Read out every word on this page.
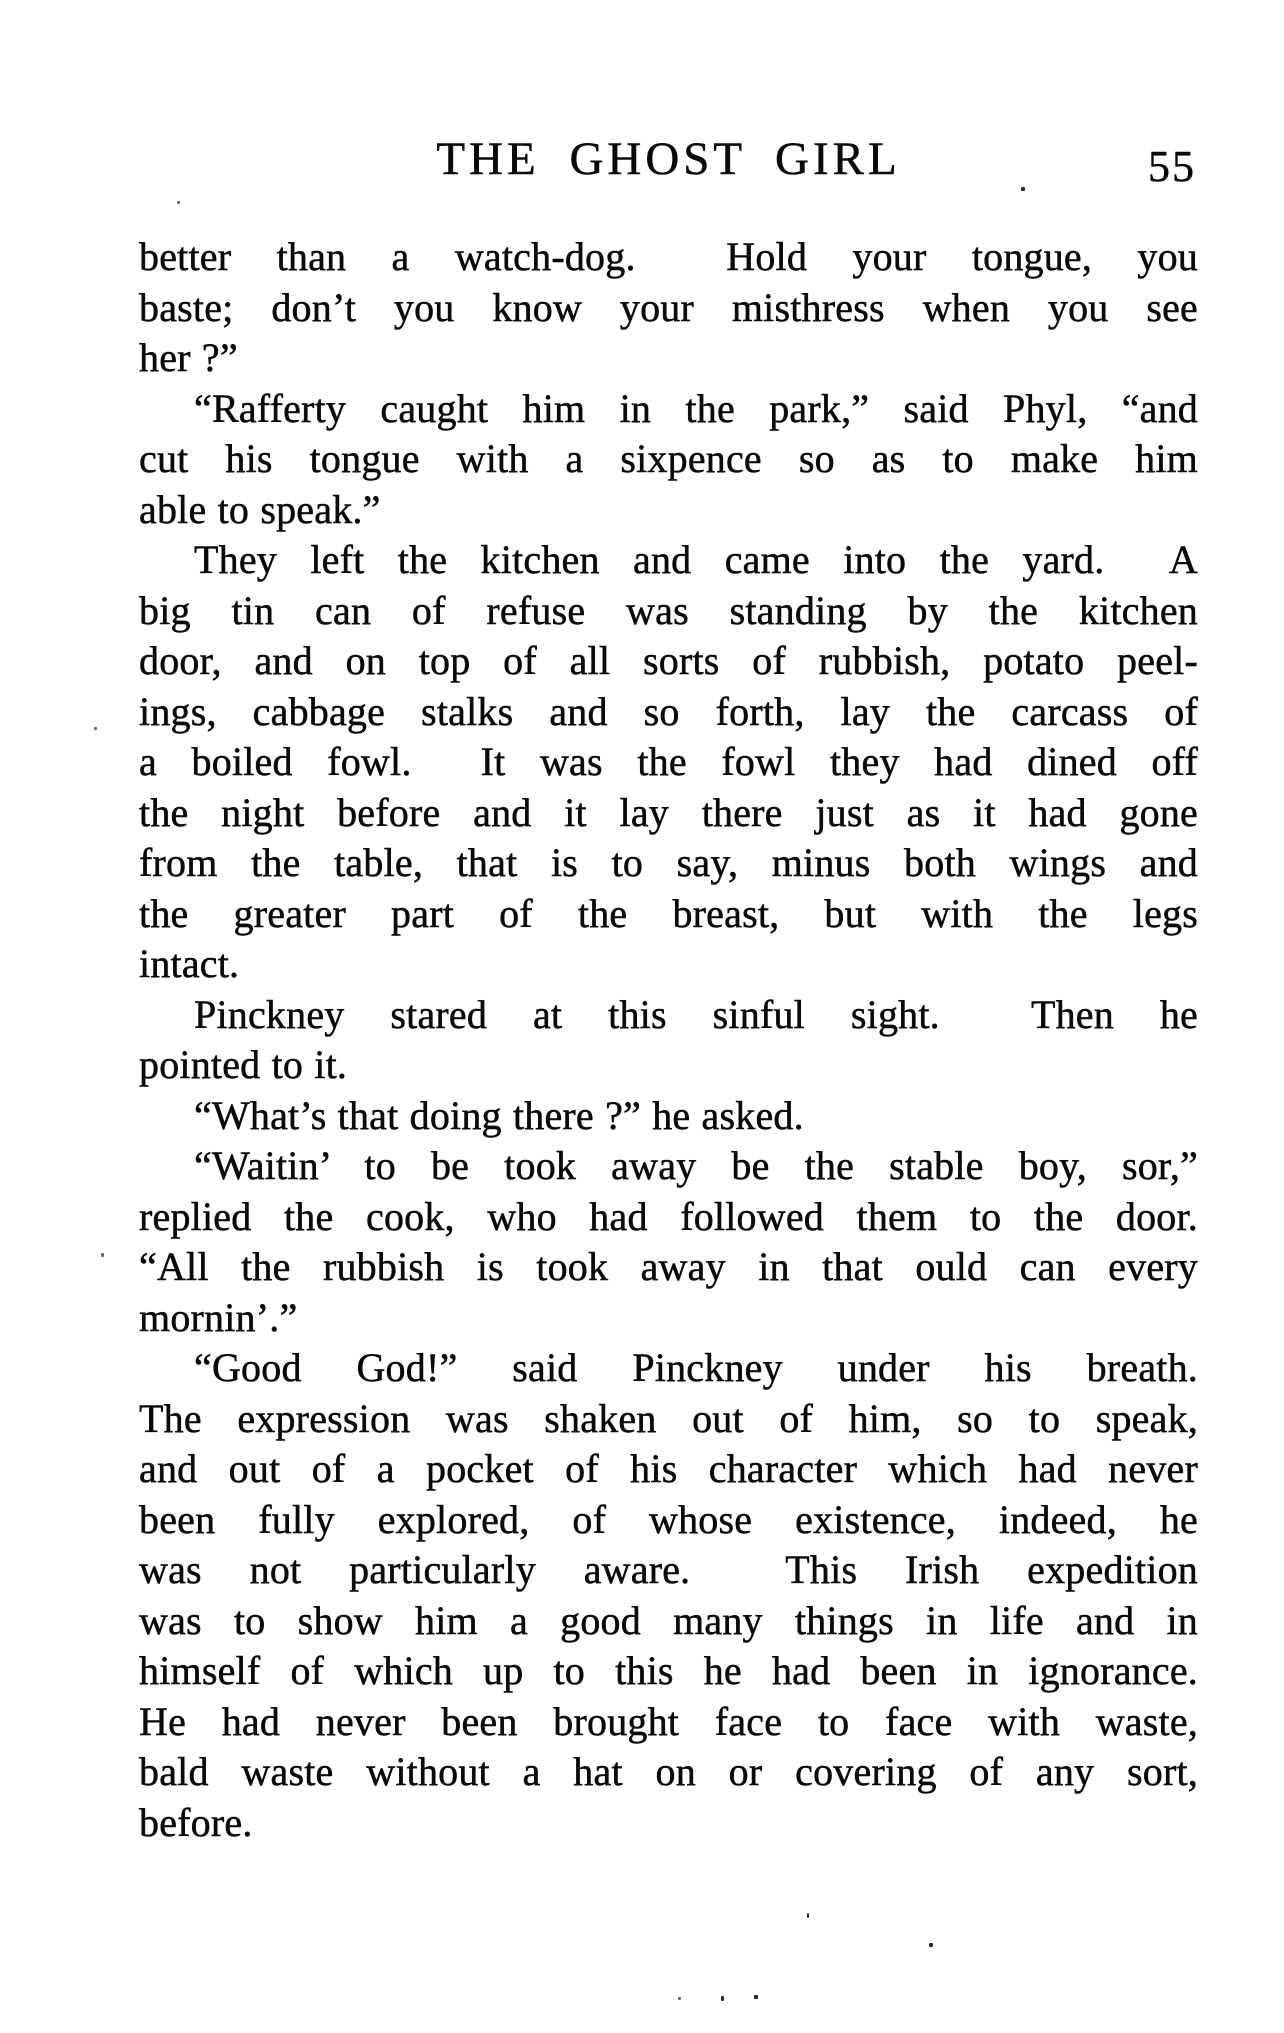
THE GHOST GIRL	55
better than a watch-dog.  Hold your tongue, you
baste; don’t you know your misthress when you see
her ?”
“Rafferty caught him in the park,” said Phyl, “and
cut his tongue with a sixpence so as to make him
able to speak.”
They left the kitchen and came into the yard.  A
big tin can of refuse was standing by the kitchen
door, and on top of all sorts of rubbish, potato peel-
ings, cabbage stalks and so forth, lay the carcass of
a boiled fowl.  It was the fowl they had dined off
the night before and it lay there just as it had gone
from the table, that is to say, minus both wings and
the greater part of the breast, but with the legs
intact.
Pinckney stared at this sinful sight.  Then he
pointed to it.
“What’s that doing there ?” he asked.
“Waitin’ to be took away be the stable boy, sor,”
replied the cook, who had followed them to the door.
“All the rubbish is took away in that ould can every
mornin’.”
“Good God!” said Pinckney under his breath.
The expression was shaken out of him, so to speak,
and out of a pocket of his character which had never
been fully explored, of whose existence, indeed, he
was not particularly aware.  This Irish expedition
was to show him a good many things in life and in
himself of which up to this he had been in ignorance.
He had never been brought face to face with waste,
bald waste without a hat on or covering of any sort,
before.
